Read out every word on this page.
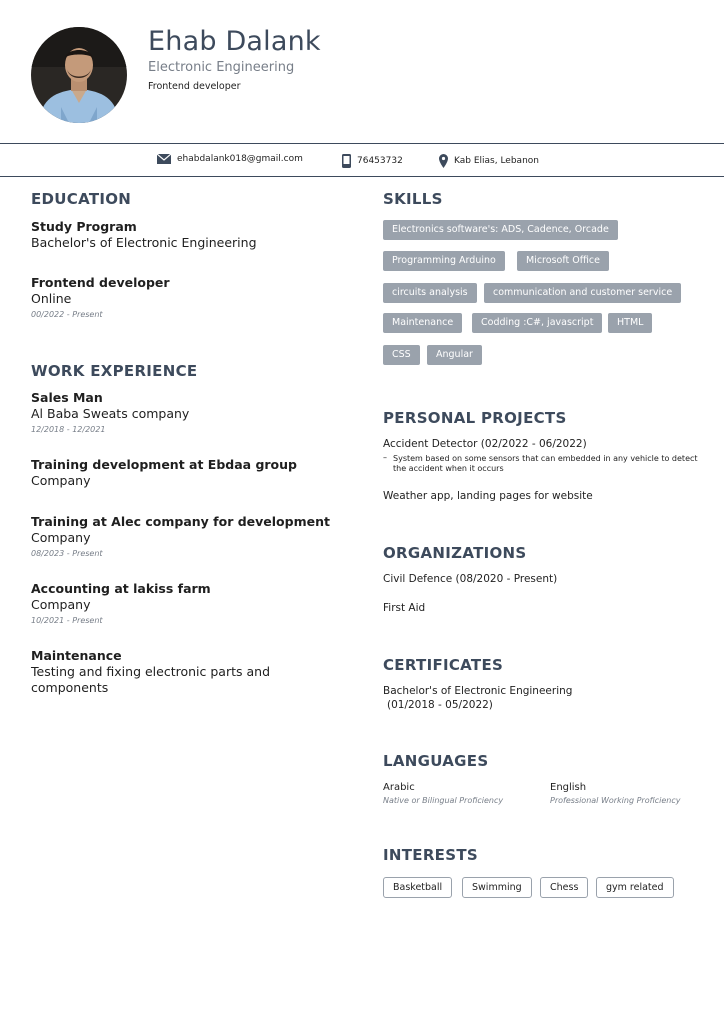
Ehab Dalank
Electronic Engineering
Frontend developer
ehabdalank018@gmail.com	76453732	Kab Elias, Lebanon
EDUCATION
Study Program
Bachelor's of Electronic Engineering
Frontend developer
Online
00/2022 - Present
WORK EXPERIENCE
Sales Man
Al Baba Sweats company
12/2018 - 12/2021
Training development at Ebdaa group
Company
Training at Alec company for development
Company
08/2023 - Present
Accounting at lakiss farm
Company
10/2021 - Present
Maintenance
Testing and fixing electronic parts and components
SKILLS
Electronics software's: ADS, Cadence, Orcade
Programming Arduino	Microsoft Office
circuits analysis	communication and customer service
Maintenance	Codding :C#, javascript	HTML
CSS	Angular
PERSONAL PROJECTS
Accident Detector (02/2022 - 06/2022)
– System based on some sensors that can embedded in any vehicle to detect the accident when it occurs
Weather app, landing pages for website
ORGANIZATIONS
Civil Defence (08/2020 - Present)
First Aid
CERTIFICATES
Bachelor's of Electronic Engineering
(01/2018 - 05/2022)
LANGUAGES
Arabic
Native or Bilingual Proficiency
English
Professional Working Proficiency
INTERESTS
Basketball	Swimming	Chess	gym related
